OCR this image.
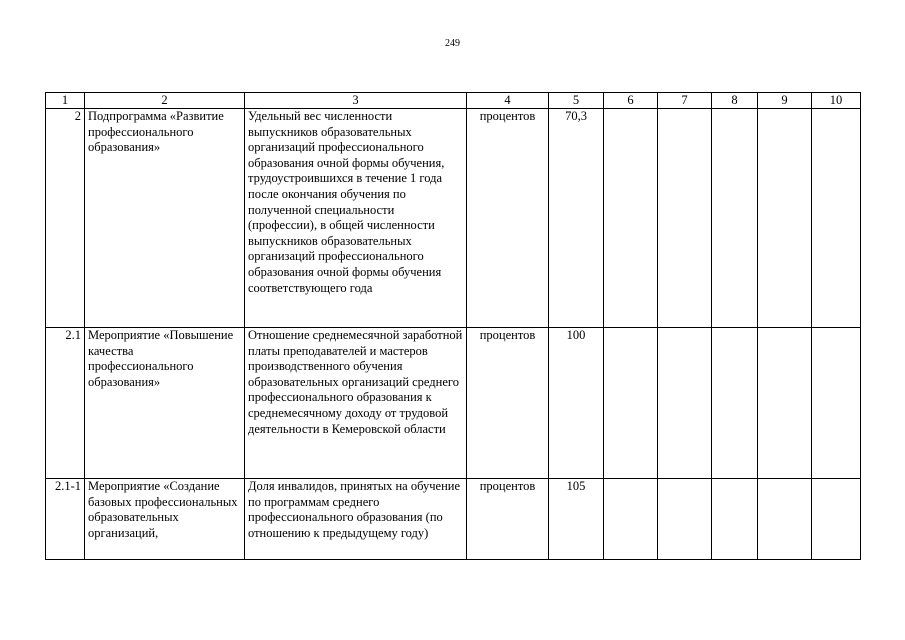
249
1	2	3	4	5	6	7	8	9	10
2	Подпрограмма «Развитие профессионального образования»	Удельный вес численности выпускников образовательных организаций профессионального образования очной формы обучения, трудоустроившихся в течение 1 года после окончания обучения по полученной специальности (профессии), в общей численности выпускников образовательных организаций профессионального образования очной формы обучения соответствующего года	процентов	70,3					
2.1	Мероприятие «Повышение качества профессионального образования»	Отношение среднемесячной заработной платы преподавателей и мастеров производственного обучения образовательных организаций среднего профессионального образования к среднемесячному доходу от трудовой деятельности в Кемеровской области	процентов	100					
2.1-1	Мероприятие «Создание базовых профессиональных образовательных организаций,	Доля инвалидов, принятых на обучение по программам среднего профессионального образования (по отношению к предыдущему году)	процентов	105					
